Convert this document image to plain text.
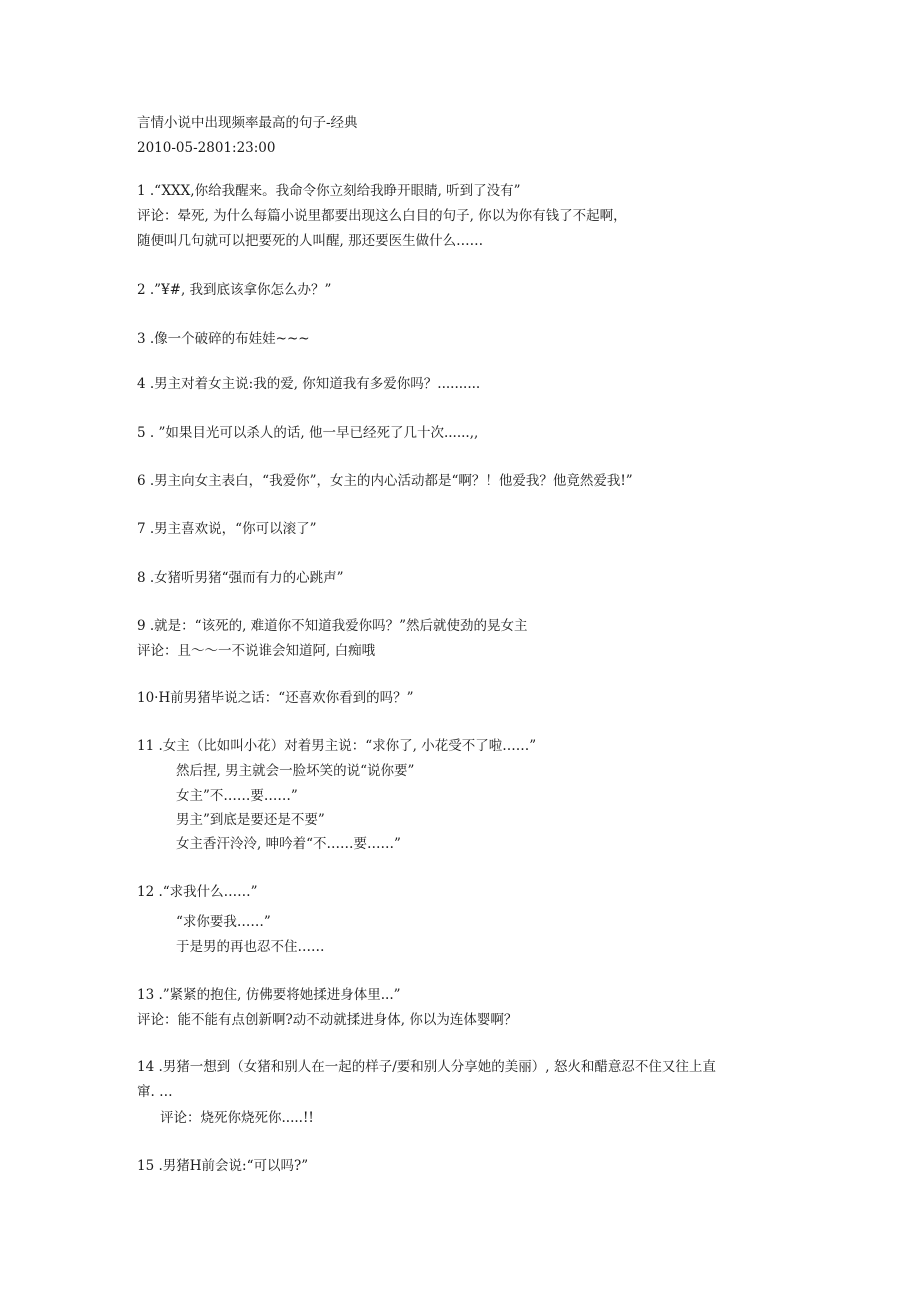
言情小说中出现频率最高的句子-经典
2010-05-2801:23:00
1 .“XXX,你给我醒来。我命令你立刻给我睁开眼睛, 听到了没有”
评论：晕死, 为什么每篇小说里都要出现这么白目的句子, 你以为你有钱了不起啊，
随便叫几句就可以把要死的人叫醒, 那还要医生做什么……
2 .”¥#, 我到底该拿你怎么办？”
3 .像一个破碎的布娃娃~~~
4 .男主对着女主说:我的爱, 你知道我有多爱你吗？..........
5 . ”如果目光可以杀人的话, 他一早已经死了几十次......,,
6 .男主向女主表白，“我爱你”，女主的内心活动都是“啊？！他爱我？他竟然爱我!”
7 .男主喜欢说，“你可以滚了”
8 .女猪听男猪“强而有力的心跳声”
9 .就是：“该死的, 难道你不知道我爱你吗？”然后就使劲的晃女主
评论：且～～一不说谁会知道阿, 白痴哦
10·H前男猪毕说之话：“还喜欢你看到的吗？”
11 .女主（比如叫小花）对着男主说：“求你了, 小花受不了啦……”
然后捏, 男主就会一脸坏笑的说“说你要”
女主”不……要……”
男主”到底是要还是不要”
女主香汗泠泠, 呻吟着“不……要……”
12 .“求我什么……”
“求你要我……”
于是男的再也忍不住……
13 .”紧紧的抱住, 仿佛要将她揉进身体里...”
评论：能不能有点创新啊?动不动就揉进身体, 你以为连体婴啊？
14 .男猪一想到（女猪和别人在一起的样子/要和别人分享她的美丽）, 怒火和醋意忍不住又往上直
窜. …
评论：烧死你烧死你.....!!
15 .男猪H前会说:“可以吗?”
